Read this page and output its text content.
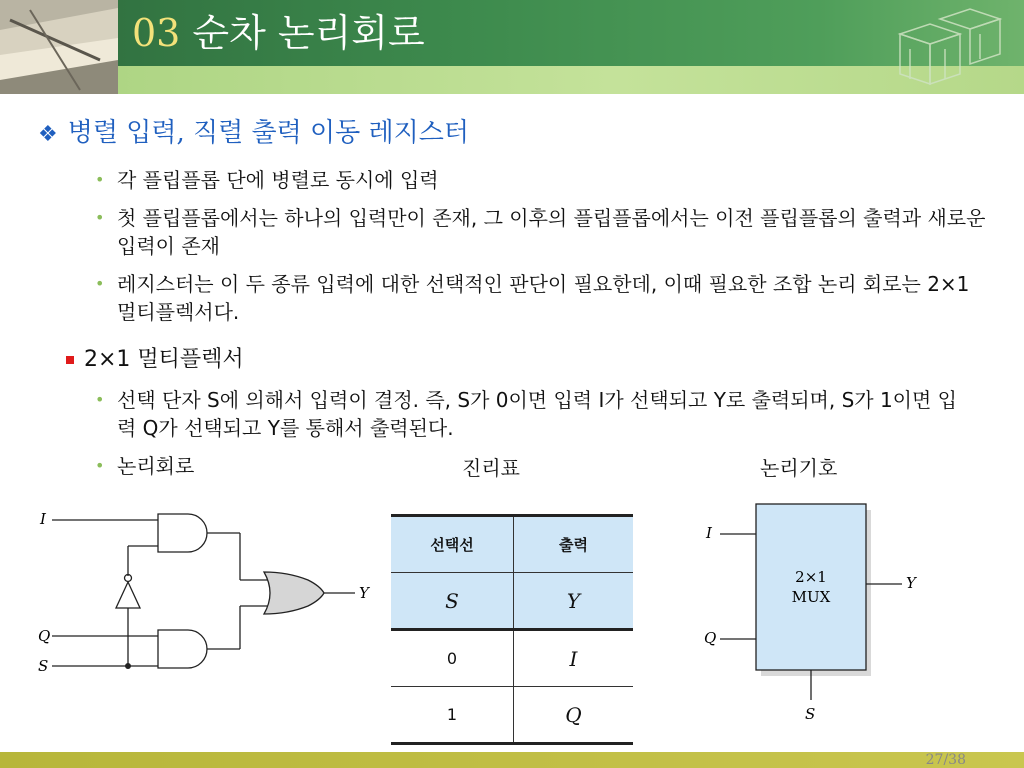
03 순차 논리회로
❖ 병렬 입력, 직렬 출력 이동 레지스터
• 각 플립플롭 단에 병렬로 동시에 입력
• 첫 플립플롭에서는 하나의 입력만이 존재, 그 이후의 플립플롭에서는 이전 플립플롭의 출력과 새로운 입력이 존재
• 레지스터는 이 두 종류 입력에 대한 선택적인 판단이 필요한데, 이때 필요한 조합 논리 회로는 2×1 멀티플렉서다.
2×1 멀티플렉서
• 선택 단자 S에 의해서 입력이 결정. 즉, S가 0이면 입력 I가 선택되고 Y로 출력되며, S가 1이면 입력 Q가 선택되고 Y를 통해서 출력된다.
• 논리회로	진리표	논리기호
I
Q
S
Y
선택선	출력
S	Y
0	I
1	Q
2×1
MUX
I
Q
Y
S
27/38
